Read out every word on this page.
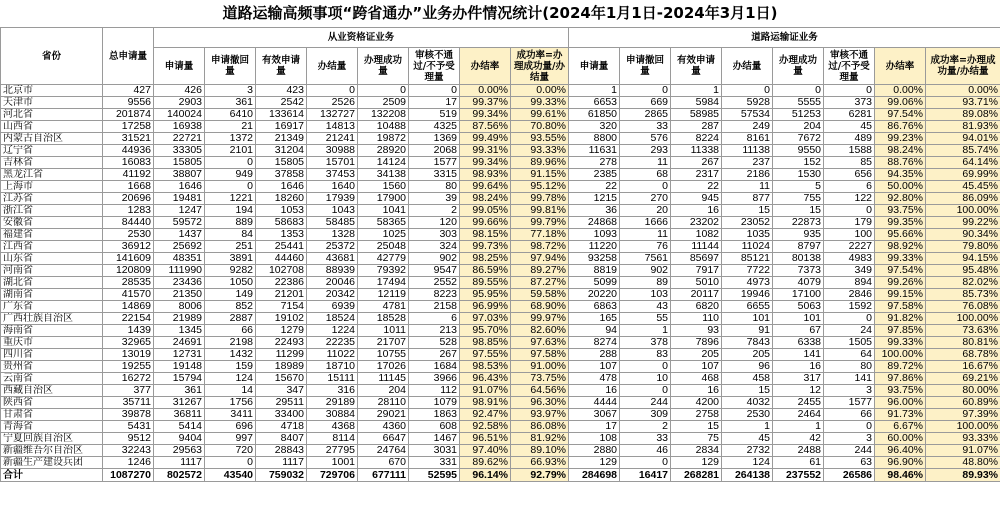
道路运输高频事项“跨省通办”业务办件情况统计(2024年1月1日-2024年3月1日)
省份	总申请量	从业资格证业务								道路运输证业务							
		申请量	申请撤回量	有效申请量	办结量	办理成功量	审核不通过/不予受理量	办结率	成功率=办理成功量/办结量	申请量	申请撤回量	有效申请量	办结量	办理成功量	审核不通过/不予受理量	办结率	成功率=办理成功量/办结量
北京市	427	426	3	423	0	0	0	0.00%	0.00%	1	0	1	0	0	0	0.00%	0.00%
天津市	9556	2903	361	2542	2526	2509	17	99.37%	99.33%	6653	669	5984	5928	5555	373	99.06%	93.71%
河北省	201874	140024	6410	133614	132727	132208	519	99.34%	99.61%	61850	2865	58985	57534	51253	6281	97.54%	89.08%
山西省	17258	16938	21	16917	14813	10488	4325	87.56%	70.80%	320	33	287	249	204	45	86.76%	81.93%
内蒙古自治区	31521	22721	1372	21349	21241	19872	1369	99.49%	93.55%	8800	576	8224	8161	7672	489	99.23%	94.01%
辽宁省	44936	33305	2101	31204	30988	28920	2068	99.31%	93.33%	11631	293	11338	11138	9550	1588	98.24%	85.74%
吉林省	16083	15805	0	15805	15701	14124	1577	99.34%	89.96%	278	11	267	237	152	85	88.76%	64.14%
黑龙江省	41192	38807	949	37858	37453	34138	3315	98.93%	91.15%	2385	68	2317	2186	1530	656	94.35%	69.99%
上海市	1668	1646	0	1646	1640	1560	80	99.64%	95.12%	22	0	22	11	5	6	50.00%	45.45%
江苏省	20696	19481	1221	18260	17939	17900	39	98.24%	99.78%	1215	270	945	877	755	122	92.80%	86.09%
浙江省	1283	1247	194	1053	1043	1041	2	99.05%	99.81%	36	20	16	15	15	0	93.75%	100.00%
安徽省	84440	59572	889	58683	58485	58365	120	99.66%	99.79%	24868	1666	23202	23052	22873	179	99.35%	99.22%
福建省	2530	1437	84	1353	1328	1025	303	98.15%	77.18%	1093	11	1082	1035	935	100	95.66%	90.34%
江西省	36912	25692	251	25441	25372	25048	324	99.73%	98.72%	11220	76	11144	11024	8797	2227	98.92%	79.80%
山东省	141609	48351	3891	44460	43681	42779	902	98.25%	97.94%	93258	7561	85697	85121	80138	4983	99.33%	94.15%
河南省	120809	111990	9282	102708	88939	79392	9547	86.59%	89.27%	8819	902	7917	7722	7373	349	97.54%	95.48%
湖北省	28535	23436	1050	22386	20046	17494	2552	89.55%	87.27%	5099	89	5010	4973	4079	894	99.26%	82.02%
湖南省	41570	21350	149	21201	20342	12119	8223	95.95%	59.58%	20220	103	20117	19946	17100	2846	99.15%	85.73%
广东省	14869	8006	852	7154	6939	4781	2158	96.99%	68.90%	6863	43	6820	6655	5063	1592	97.58%	76.08%
广西壮族自治区	22154	21989	2887	19102	18524	18528	6	97.03%	99.97%	165	55	110	101	101	0	91.82%	100.00%
海南省	1439	1345	66	1279	1224	1011	213	95.70%	82.60%	94	1	93	91	67	24	97.85%	73.63%
重庆市	32965	24691	2198	22493	22235	21707	528	98.85%	97.63%	8274	378	7896	7843	6338	1505	99.33%	80.81%
四川省	13019	12731	1432	11299	11022	10755	267	97.55%	97.58%	288	83	205	205	141	64	100.00%	68.78%
贵州省	19255	19148	159	18989	18710	17026	1684	98.53%	91.00%	107	0	107	96	16	80	89.72%	16.67%
云南省	16272	15794	124	15670	15111	11145	3966	96.43%	73.75%	478	10	468	458	317	141	97.86%	69.21%
西藏自治区	377	361	14	347	316	204	112	91.07%	64.56%	16	0	16	15	12	3	93.75%	80.00%
陕西省	35711	31267	1756	29511	29189	28110	1079	98.91%	96.30%	4444	244	4200	4032	2455	1577	96.00%	60.89%
甘肃省	39878	36811	3411	33400	30884	29021	1863	92.47%	93.97%	3067	309	2758	2530	2464	66	91.73%	97.39%
青海省	5431	5414	696	4718	4368	4360	608	92.58%	86.08%	17	2	15	1	1	0	6.67%	100.00%
宁夏回族自治区	9512	9404	997	8407	8114	6647	1467	96.51%	81.92%	108	33	75	45	42	3	60.00%	93.33%
新疆维吾尔自治区	32243	29563	720	28843	27795	24764	3031	97.40%	89.10%	2880	46	2834	2732	2488	244	96.40%	91.07%
新疆生产建设兵团	1246	1117	0	1117	1001	670	331	89.62%	66.93%	129	0	129	124	61	63	96.90%	48.80%
合计	1087270	802572	43540	759032	729706	677111	52595	96.14%	92.79%	284698	16417	268281	264138	237552	26586	98.46%	89.93%
